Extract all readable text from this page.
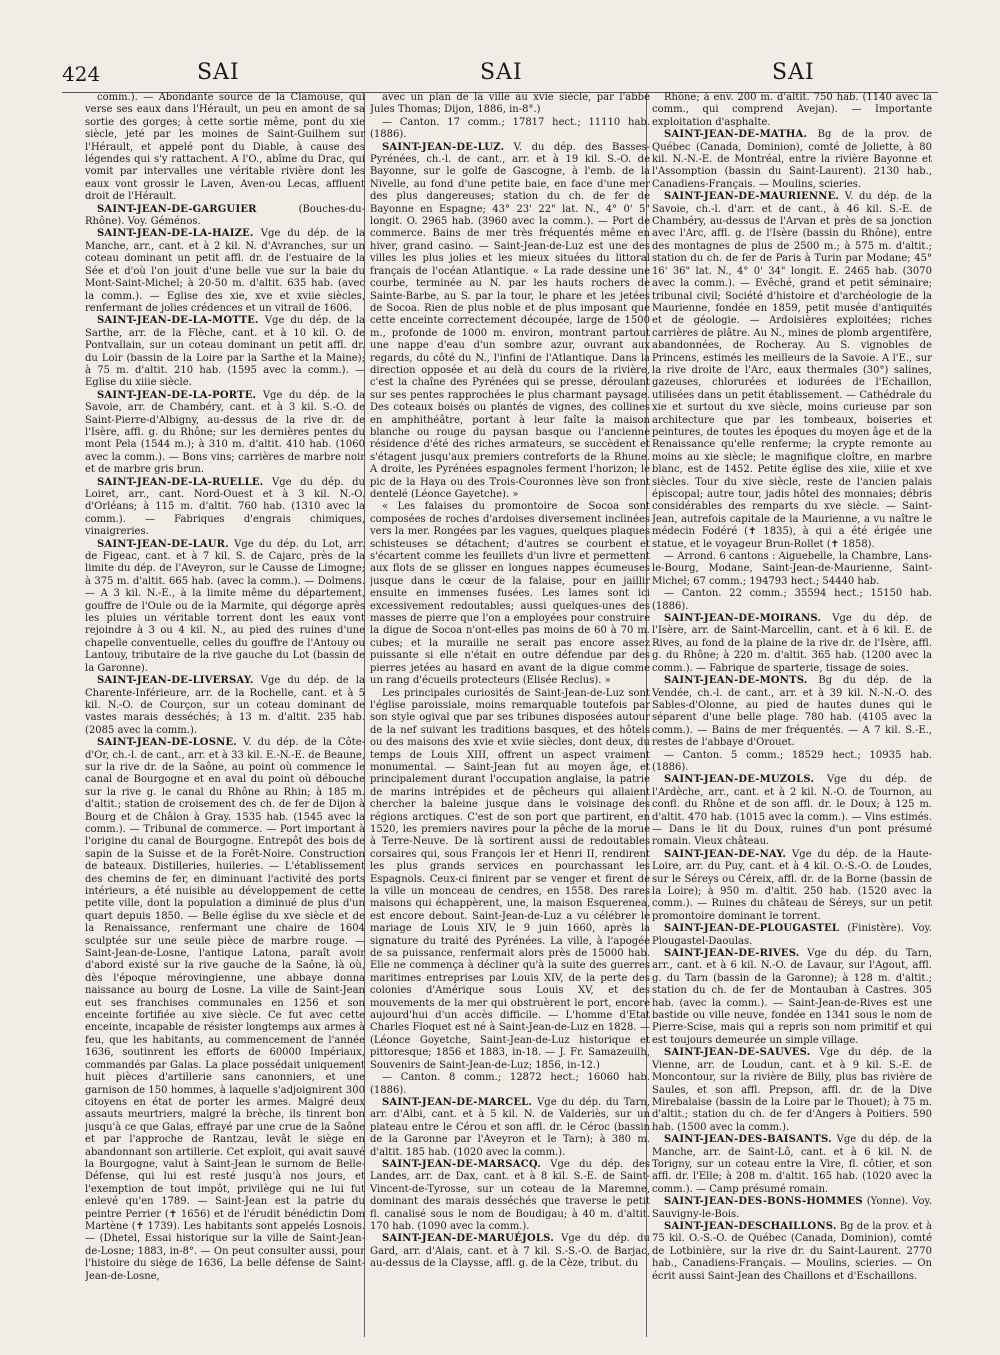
424	SAI	SAI	SAI

comm.). — Abondante source de la Clamouse, qui verse ses eaux dans l'Hérault, un peu en amont de sa sortie des gorges; à cette sortie même, pont du xie siècle, jeté par les moines de Saint-Guilhem sur l'Hérault, et appelé pont du Diable, à cause des légendes qui s'y rattachent. A l'O., abîme du Drac, qui vomit par intervalles une véritable rivière dont les eaux vont grossir le Laven, Aven-ou Lecas, affluent droit de l'Hérault.

SAINT-JEAN-DE-GARGUIER (Bouches-du-Rhône). Voy. Géménos.

SAINT-JEAN-DE-LA-HAIZE. Vge du dép. de la Manche, arr., cant. et à 2 kil. N. d'Avranches, sur un coteau dominant un petit affl. dr. de l'estuaire de la Sée et d'où l'on jouit d'une belle vue sur la baie du Mont-Saint-Michel; à 20-50 m. d'altit. 635 hab. (avec la comm.). — Eglise des xie, xve et xviie siècles, renfermant de jolies crédences et un vitrail de 1606.

SAINT-JEAN-DE-LA-MOTTE. Vge du dép. de la Sarthe, arr. de la Flèche, cant. et à 10 kil. O. de Pontvallain, sur un coteau dominant un petit affl. dr. du Loir (bassin de la Loire par la Sarthe et la Maine); à 75 m. d'altit. 210 hab. (1595 avec la comm.). — Eglise du xiiie siècle.

SAINT-JEAN-DE-LA-PORTE. Vge du dép. de la Savoie, arr. de Chambéry, cant. et à 3 kil. S.-O. de Saint-Pierre-d'Albigny, au-dessus de la rive dr. de l'Isère, affl. g. du Rhône; sur les dernières pentes du mont Pela (1544 m.); à 310 m. d'altit. 410 hab. (1060 avec la comm.). — Bons vins; carrières de marbre noir et de marbre gris brun.

SAINT-JEAN-DE-LA-RUELLE. Vge du dép. du Loiret, arr., cant. Nord-Ouest et à 3 kil. N.-O. d'Orléans; à 115 m. d'altit. 760 hab. (1310 avec la comm.). — Fabriques d'engrais chimiques, vinaigreries.

SAINT-JEAN-DE-LAUR. Vge du dép. du Lot, arr. de Figeac, cant. et à 7 kil. S. de Cajarc, près de la limite du dép. de l'Aveyron, sur le Causse de Limogne; à 375 m. d'altit. 665 hab. (avec la comm.). — Dolmens. — A 3 kil. N.-E., à la limite même du département, gouffre de l'Oule ou de la Marmite, qui dégorge après les pluies un véritable torrent dont les eaux vont rejoindre à 3 ou 4 kil. N., au pied des ruines d'une chapelle conventuelle, celles du gouffre de l'Antouy ou Lantouy, tributaire de la rive gauche du Lot (bassin de la Garonne).

SAINT-JEAN-DE-LIVERSAY. Vge du dép. de la Charente-Inférieure, arr. de la Rochelle, cant. et à 5 kil. N.-O. de Courçon, sur un coteau dominant de vastes marais desséchés; à 13 m. d'altit. 235 hab. (2085 avec la comm.).

SAINT-JEAN-DE-LOSNE. V. du dép. de la Côte-d'Or, ch.-l. de cant., arr. et à 33 kil. E.-N.-E. de Beaune, sur la rive dr. de la Saône, au point où commence le canal de Bourgogne et en aval du point où débouche sur la rive g. le canal du Rhône au Rhin; à 185 m. d'altit.; station de croisement des ch. de fer de Dijon à Bourg et de Châlon à Gray. 1535 hab. (1545 avec la comm.). — Tribunal de commerce. — Port important à l'origine du canal de Bourgogne. Entrepôt des bois de sapin de la Suisse et de la Forêt-Noire. Construction de bateaux. Distilleries, huileries. — L'établissement des chemins de fer, en diminuant l'activité des ports intérieurs, a été nuisible au développement de cette petite ville, dont la population a diminué de plus d'un quart depuis 1850. — Belle église du xve siècle et de la Renaissance, renfermant une chaire de 1604 sculptée sur une seule pièce de marbre rouge. — Saint-Jean-de-Losne, l'antique Latona, paraît avoir d'abord existé sur la rive gauche de la Saône, là où, dès l'époque mérovingienne, une abbaye donna naissance au bourg de Losne. La ville de Saint-Jean eut ses franchises communales en 1256 et son enceinte fortifiée au xive siècle. Ce fut avec cette enceinte, incapable de résister longtemps aux armes à feu, que les habitants, au commencement de l'année 1636, soutinrent les efforts de 60000 Impériaux, commandés par Galas. La place possédait uniquement huit pièces d'artillerie sans canonniers, et une garnison de 150 hommes, à laquelle s'adjoignirent 300 citoyens en état de porter les armes. Malgré deux assauts meurtriers, malgré la brèche, ils tinrent bon jusqu'à ce que Galas, effrayé par une crue de la Saône et par l'approche de Rantzau, levât le siège en abandonnant son artillerie. Cet exploit, qui avait sauvé la Bourgogne, valut à Saint-Jean le surnom de Belle-Défense, qui lui est resté jusqu'à nos jours, et l'exemption de tout impôt, privilège qui ne lui fut enlevé qu'en 1789. — Saint-Jean est la patrie du peintre Perrier (✝ 1656) et de l'érudit bénédictin Dom Martène (✝ 1739). Les habitants sont appelés Losnois. — (Dhetel, Essai historique sur la ville de Saint-Jean-de-Losne; 1883, in-8°. — On peut consulter aussi, pour l'histoire du siège de 1636, La belle défense de Saint-Jean-de-Losne,

avec un plan de la ville au xvie siècle, par l'abbé Jules Thomas; Dijon, 1886, in-8°.)

— Canton. 17 comm.; 17817 hect.; 11110 hab. (1886).

SAINT-JEAN-DE-LUZ. V. du dép. des Basses-Pyrénées, ch.-l. de cant., arr. et à 19 kil. S.-O. de Bayonne, sur le golfe de Gascogne, à l'emb. de la Nivelle, au fond d'une petite baie, en face d'une mer des plus dangereuses; station du ch. de fer de Bayonne en Espagne; 43° 23' 22" lat. N., 4° 0' 5" longit. O. 2965 hab. (3960 avec la comm.). — Port de commerce. Bains de mer très fréquentés même en hiver, grand casino. — Saint-Jean-de-Luz est une des villes les plus jolies et les mieux situées du littoral français de l'océan Atlantique. « La rade dessine une courbe, terminée au N. par les hauts rochers de Sainte-Barbe, au S. par la tour, le phare et les jetées de Socoa. Rien de plus noble et de plus imposant que cette enceinte correctement découpée, large de 1500 m., profonde de 1000 m. environ, montrant partout une nappe d'eau d'un sombre azur, ouvrant aux regards, du côté du N., l'infini de l'Atlantique. Dans la direction opposée et au delà du cours de la rivière, c'est la chaîne des Pyrénées qui se presse, déroulant sur ses pentes rapprochées le plus charmant paysage. Des coteaux boisés ou plantés de vignes, des collines en amphithéâtre, portant à leur faîte la maison blanche ou rouge du paysan basque ou l'ancienne résidence d'été des riches armateurs, se succèdent et s'étagent jusqu'aux premiers contreforts de la Rhune. A droite, les Pyrénées espagnoles ferment l'horizon; le pic de la Haya ou des Trois-Couronnes lève son front dentelé (Léonce Gayetche). »

« Les falaises du promontoire de Socoa sont composées de roches d'ardoises diversement inclinées vers la mer. Rongées par les vagues, quelques plaques schisteuses se détachent; d'autres se courbent et s'écartent comme les feuillets d'un livre et permettent aux flots de se glisser en longues nappes écumeuses jusque dans le cœur de la falaise, pour en jaillir ensuite en immenses fusées. Les lames sont ici excessivement redoutables; aussi quelques-unes des masses de pierre que l'on a employées pour construire la digue de Socoa n'ont-elles pas moins de 60 à 70 m. cubes; et la muraille ne serait pas encore assez puissante si elle n'était en outre défendue par des pierres jetées au hasard en avant de la digue comme un rang d'écueils protecteurs (Elisée Reclus). »

Les principales curiosités de Saint-Jean-de-Luz sont l'église paroissiale, moins remarquable toutefois par son style ogival que par ses tribunes disposées autour de la nef suivant les traditions basques, et des hôtels ou des maisons des xvie et xviie siècles, dont deux, du temps de Louis XIII, offrent un aspect vraiment monumental. — Saint-Jean fut au moyen âge, et principalement durant l'occupation anglaise, la patrie de marins intrépides et de pêcheurs qui allaient chercher la baleine jusque dans le voisinage des régions arctiques. C'est de son port que partirent, en 1520, les premiers navires pour la pêche de la morue à Terre-Neuve. De là sortirent aussi de redoutables corsaires qui, sous François Ier et Henri II, rendirent les plus grands services en pourchassant les Espagnols. Ceux-ci finirent par se venger et firent de la ville un monceau de cendres, en 1558. Des rares maisons qui échappèrent, une, la maison Esquerenea, est encore debout. Saint-Jean-de-Luz a vu célébrer le mariage de Louis XIV, le 9 juin 1660, après la signature du traité des Pyrénées. La ville, à l'apogée de sa puissance, renfermait alors près de 15000 hab. Elle ne commença à décliner qu'à la suite des guerres maritimes entreprises par Louis XIV, de la perte des colonies d'Amérique sous Louis XV, et des mouvements de la mer qui obstruèrent le port, encore aujourd'hui d'un accès difficile. — L'homme d'Etat Charles Floquet est né à Saint-Jean-de-Luz en 1828. — (Léonce Goyetche, Saint-Jean-de-Luz historique et pittoresque; 1856 et 1883, in-18. — J. Fr. Samazeuilh, Souvenirs de Saint-Jean-de-Luz; 1856, in-12.)

— Canton. 8 comm.; 12872 hect.; 16060 hab. (1886).

SAINT-JEAN-DE-MARCEL. Vge du dép. du Tarn, arr. d'Albi, cant. et à 5 kil. N. de Valderiès, sur un plateau entre le Cérou et son affl. dr. le Céroc (bassin de la Garonne par l'Aveyron et le Tarn); à 380 m. d'altit. 185 hab. (1020 avec la comm.).

SAINT-JEAN-DE-MARSACQ. Vge du dép. des Landes, arr. de Dax, cant. et à 8 kil. S.-E. de Saint-Vincent-de-Tyrosse, sur un coteau de la Maremne, dominant des marais desséchés que traverse le petit fl. canalisé sous le nom de Boudigau; à 40 m. d'altit. 170 hab. (1090 avec la comm.).

SAINT-JEAN-DE-MARUÉJOLS. Vge du dép. du Gard, arr. d'Alais, cant. et à 7 kil. S.-S.-O. de Barjac, au-dessus de la Claysse, affl. g. de la Cèze, tribut. du

Rhône; à env. 200 m. d'altit. 750 hab. (1140 avec la comm., qui comprend Avejan). — Importante exploitation d'asphalte.

SAINT-JEAN-DE-MATHA. Bg de la prov. de Québec (Canada, Dominion), comté de Joliette, à 80 kil. N.-N.-E. de Montréal, entre la rivière Bayonne et l'Assomption (bassin du Saint-Laurent). 2130 hab., Canadiens-Français. — Moulins, scieries.

SAINT-JEAN-DE-MAURIENNE. V. du dép. de la Savoie, ch.-l. d'arr. et de cant., à 46 kil. S.-E. de Chambéry, au-dessus de l'Arvan et près de sa jonction avec l'Arc, affl. g. de l'Isère (bassin du Rhône), entre des montagnes de plus de 2500 m.; à 575 m. d'altit.; station du ch. de fer de Paris à Turin par Modane; 45° 16' 36" lat. N., 4° 0' 34" longit. E. 2465 hab. (3070 avec la comm.). — Evêché, grand et petit séminaire; tribunal civil; Société d'histoire et d'archéologie de la Maurienne, fondée en 1859, petit musée d'antiquités et de géologie. — Ardoisières exploitées; riches carrières de plâtre. Au N., mines de plomb argentifère, abandonnées, de Rocheray. Au S. vignobles de Princens, estimés les meilleurs de la Savoie. A l'E., sur la rive droite de l'Arc, eaux thermales (30°) salines, gazeuses, chlorurées et iodurées de l'Echaillon, utilisées dans un petit établissement. — Cathédrale du xie et surtout du xve siècle, moins curieuse par son architecture que par les tombeaux, boiseries et peintures, de toutes les époques du moyen âge et de la Renaissance qu'elle renferme; la crypte remonte au moins au xie siècle; le magnifique cloître, en marbre blanc, est de 1452. Petite église des xiie, xiiie et xve siècles. Tour du xive siècle, reste de l'ancien palais épiscopal; autre tour, jadis hôtel des monnaies; débris considérables des remparts du xve siècle. — Saint-Jean, autrefois capitale de la Maurienne, a vu naître le médecin Fodéré (✝ 1835), à qui a été érigée une statue, et le voyageur Brun-Rollet (✝ 1858).

— Arrond. 6 cantons : Aiguebelle, la Chambre, Lans-le-Bourg, Modane, Saint-Jean-de-Maurienne, Saint-Michel; 67 comm.; 194793 hect.; 54440 hab.

— Canton. 22 comm.; 35594 hect.; 15150 hab. (1886).

SAINT-JEAN-DE-MOIRANS. Vge du dép. de l'Isère, arr. de Saint-Marcellin, cant. et à 6 kil. E. de Rives, au fond de la plaine de la rive dr. de l'Isère, affl. g. du Rhône; à 220 m. d'altit. 365 hab. (1200 avec la comm.). — Fabrique de sparterie, tissage de soies.

SAINT-JEAN-DE-MONTS. Bg du dép. de la Vendée, ch.-l. de cant., arr. et à 39 kil. N.-N.-O. des Sables-d'Olonne, au pied de hautes dunes qui le séparent d'une belle plage. 780 hab. (4105 avec la comm.). — Bains de mer fréquentés. — A 7 kil. S.-E., restes de l'abbaye d'Orouet.

— Canton. 5 comm.; 18529 hect.; 10935 hab. (1886).

SAINT-JEAN-DE-MUZOLS. Vge du dép. de l'Ardèche, arr., cant. et à 2 kil. N.-O. de Tournon, au confl. du Rhône et de son affl. dr. le Doux; à 125 m. d'altit. 470 hab. (1015 avec la comm.). — Vins estimés. — Dans le lit du Doux, ruines d'un pont présumé romain. Vieux château.

SAINT-JEAN-DE-NAY. Vge du dép. de la Haute-Loire, arr. du Puy, cant. et à 4 kil. O.-S.-O. de Loudes, sur le Séreys ou Céreix, affl. dr. de la Borne (bassin de la Loire); à 950 m. d'altit. 250 hab. (1520 avec la comm.). — Ruines du château de Séreys, sur un petit promontoire dominant le torrent.

SAINT-JEAN-DE-PLOUGASTEL (Finistère). Voy. Plougastel-Daoulas.

SAINT-JEAN-DE-RIVES. Vge du dép. du Tarn, arr., cant. et à 6 kil. N.-O. de Lavaur, sur l'Agout, affl. g. du Tarn (bassin de la Garonne); à 128 m. d'altit.; station du ch. de fer de Montauban à Castres. 305 hab. (avec la comm.). — Saint-Jean-de-Rives est une bastide ou ville neuve, fondée en 1341 sous le nom de Pierre-Scise, mais qui a repris son nom primitif et qui est toujours demeurée un simple village.

SAINT-JEAN-DE-SAUVES. Vge du dép. de la Vienne, arr. de Loudun, cant. et à 9 kil. S.-E. de Moncontour, sur la rivière de Billy, plus bas rivière de Saules, et son affl. Prepson, affl. dr. de la Dive Mirebalaise (bassin de la Loire par le Thouet); à 75 m. d'altit.; station du ch. de fer d'Angers à Poitiers. 590 hab. (1500 avec la comm.).

SAINT-JEAN-DES-BAISANTS. Vge du dép. de la Manche, arr. de Saint-Lô, cant. et à 6 kil. N. de Torigny, sur un coteau entre la Vire, fl. côtier, et son affl. dr. l'Elle; à 208 m. d'altit. 165 hab. (1020 avec la comm.). — Camp présumé romain.

SAINT-JEAN-DES-BONS-HOMMES (Yonne). Voy. Sauvigny-le-Bois.

SAINT-JEAN-DESCHAILLONS. Bg de la prov. et à 75 kil. O.-S.-O. de Québec (Canada, Dominion), comté de Lotbinière, sur la rive dr. du Saint-Laurent. 2770 hab., Canadiens-Français. — Moulins, scieries. — On écrit aussi Saint-Jean des Chaillons et d'Eschaillons.
